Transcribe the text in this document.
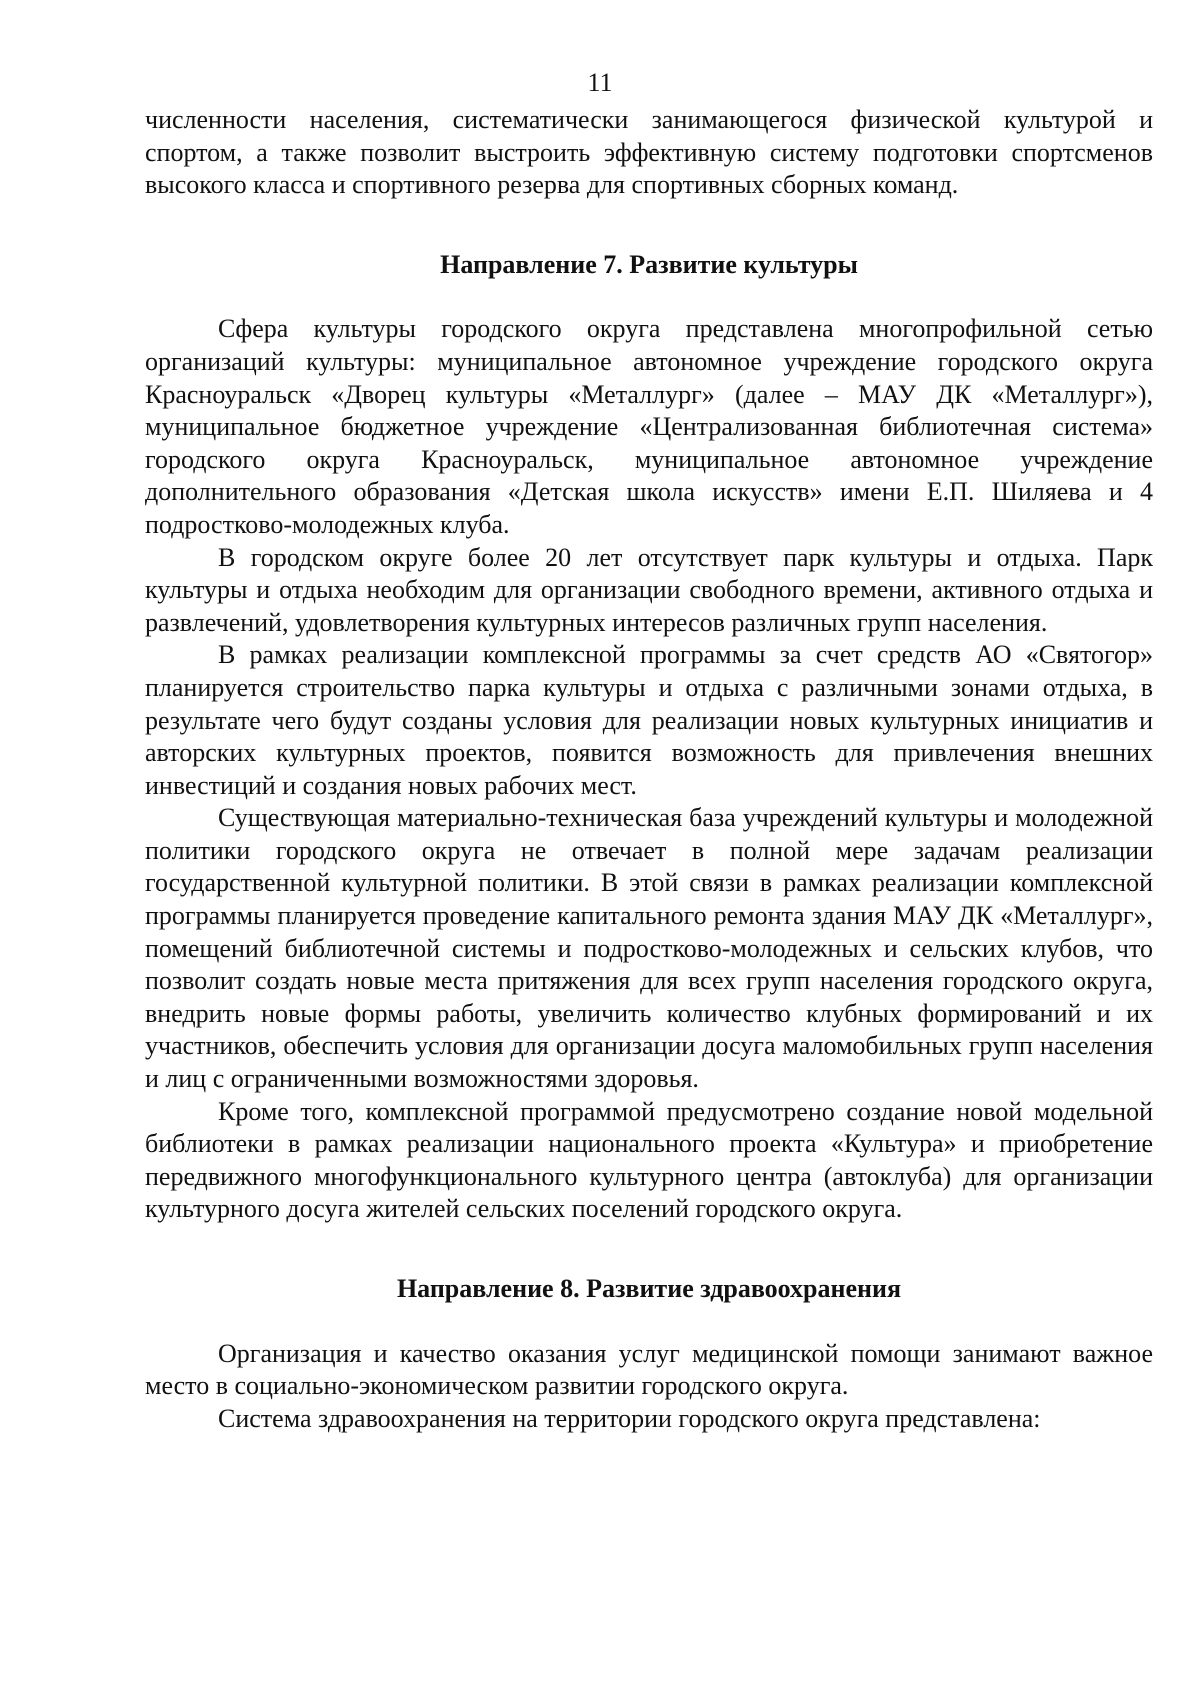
11

численности населения, систематически занимающегося физической культурой и спортом, а также позволит выстроить эффективную систему подготовки спортсменов высокого класса и спортивного резерва для спортивных сборных команд.

Направление 7. Развитие культуры

Сфера культуры городского округа представлена многопрофильной сетью организаций культуры: муниципальное автономное учреждение городского округа Красноуральск «Дворец культуры «Металлург» (далее – МАУ ДК «Металлург»), муниципальное бюджетное учреждение «Централизованная библиотечная система» городского округа Красноуральск, муниципальное автономное учреждение дополнительного образования «Детская школа искусств» имени Е.П. Шиляева и 4 подростково-молодежных клуба.

В городском округе более 20 лет отсутствует парк культуры и отдыха. Парк культуры и отдыха необходим для организации свободного времени, активного отдыха и развлечений, удовлетворения культурных интересов различных групп населения.

В рамках реализации комплексной программы за счет средств АО «Святогор» планируется строительство парка культуры и отдыха с различными зонами отдыха, в результате чего будут созданы условия для реализации новых культурных инициатив и авторских культурных проектов, появится возможность для привлечения внешних инвестиций и создания новых рабочих мест.

Существующая материально-техническая база учреждений культуры и молодежной политики городского округа не отвечает в полной мере задачам реализации государственной культурной политики. В этой связи в рамках реализации комплексной программы планируется проведение капитального ремонта здания МАУ ДК «Металлург», помещений библиотечной системы и подростково-молодежных и сельских клубов, что позволит создать новые места притяжения для всех групп населения городского округа, внедрить новые формы работы, увеличить количество клубных формирований и их участников, обеспечить условия для организации досуга маломобильных групп населения и лиц с ограниченными возможностями здоровья.

Кроме того, комплексной программой предусмотрено создание новой модельной библиотеки в рамках реализации национального проекта «Культура» и приобретение передвижного многофункционального культурного центра (автоклуба) для организации культурного досуга жителей сельских поселений городского округа.

Направление 8. Развитие здравоохранения

Организация и качество оказания услуг медицинской помощи занимают важное место в социально-экономическом развитии городского округа.

Система здравоохранения на территории городского округа представлена:
